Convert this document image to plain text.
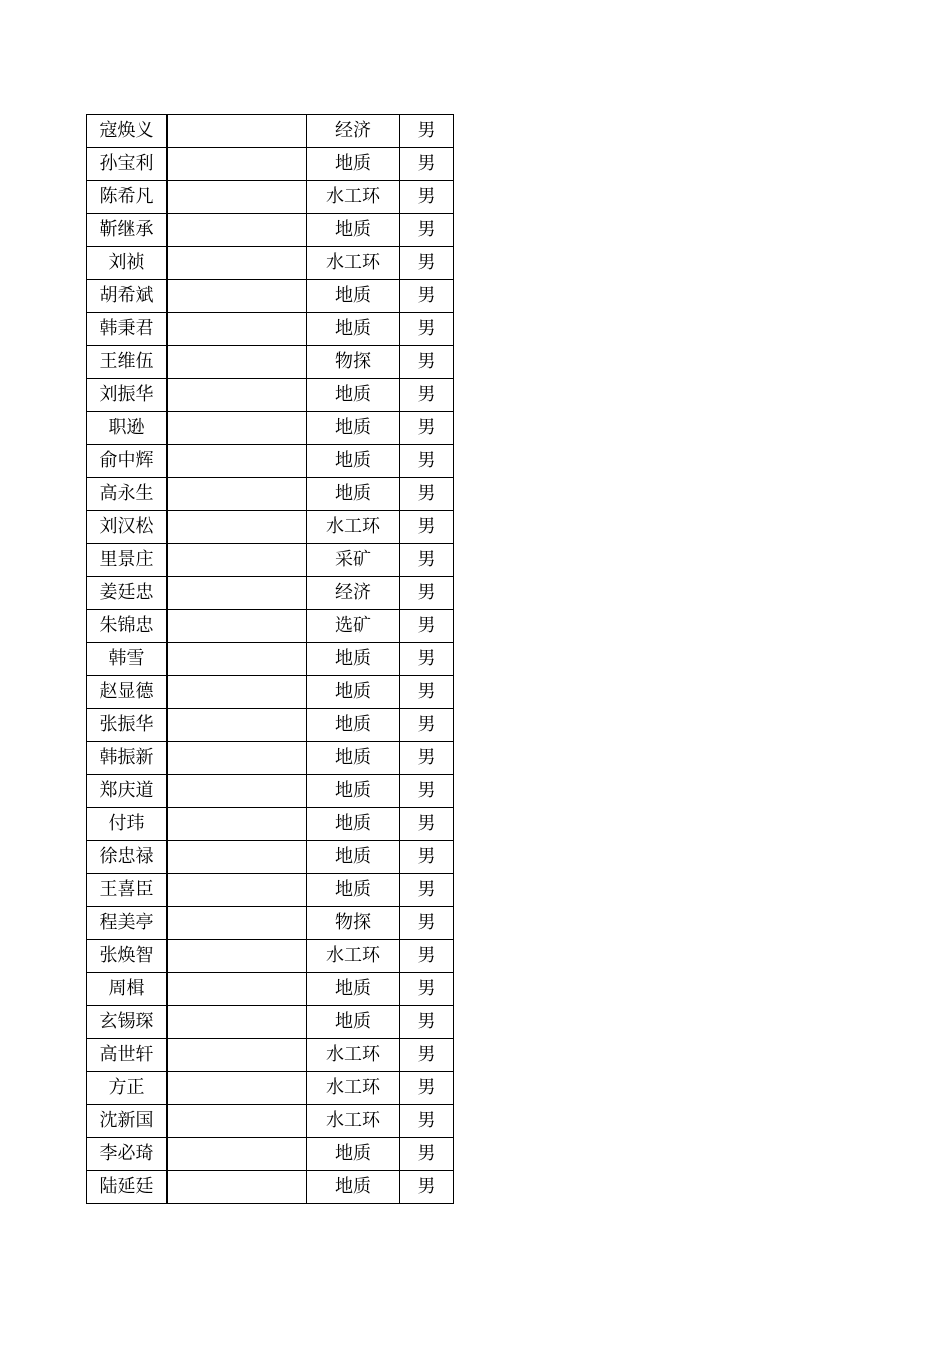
寇焕义		经济	男
孙宝利		地质	男
陈希凡		水工环	男
靳继承		地质	男
刘祯		水工环	男
胡希斌		地质	男
韩秉君		地质	男
王维伍		物探	男
刘振华		地质	男
职逊		地质	男
俞中辉		地质	男
高永生		地质	男
刘汉松		水工环	男
里景庄		采矿	男
姜廷忠		经济	男
朱锦忠		选矿	男
韩雪		地质	男
赵显德		地质	男
张振华		地质	男
韩振新		地质	男
郑庆道		地质	男
付玮		地质	男
徐忠禄		地质	男
王喜臣		地质	男
程美亭		物探	男
张焕智		水工环	男
周楫		地质	男
玄锡琛		地质	男
高世轩		水工环	男
方正		水工环	男
沈新国		水工环	男
李必琦		地质	男
陆延廷		地质	男
